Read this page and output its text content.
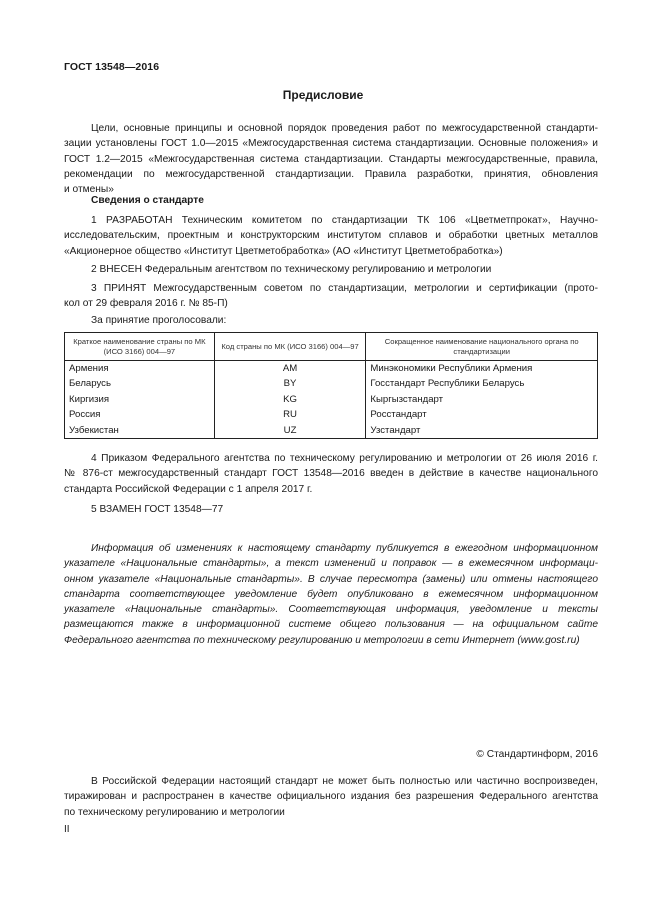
ГОСТ 13548—2016
Предисловие
Цели, основные принципы и основной порядок проведения работ по межгосударственной стандарти-
зации установлены ГОСТ 1.0—2015 «Межгосударственная система стандартизации. Основные положения» и
ГОСТ 1.2—2015 «Межгосударственная система стандартизации. Стандарты межгосударственные, правила,
рекомендации по межгосударственной стандартизации. Правила разработки, принятия, обновления
и отмены»
Сведения о стандарте
1 РАЗРАБОТАН Техническим комитетом по стандартизации ТК 106 «Цветметпрокат», Научно-
исследовательским, проектным и конструкторским институтом сплавов и обработки цветных металлов
«Акционерное общество «Институт Цветметобработка» (АО «Институт Цветметобработка»)
2 ВНЕСЕН Федеральным агентством по техническому регулированию и метрологии
3 ПРИНЯТ Межгосударственным советом по стандартизации, метрологии и сертификации (прото-
кол от 29 февраля 2016 г. № 85-П)
За принятие проголосовали:
Краткое наименование страны по МК (ИСО 3166) 004—97	Код страны по МК (ИСО 3166) 004—97	Сокращенное наименование национального органа по стандартизации
Армения	AM	Минэкономики Республики Армения
Беларусь	BY	Госстандарт Республики Беларусь
Киргизия	KG	Кыргызстандарт
Россия	RU	Росстандарт
Узбекистан	UZ	Узстандарт
4 Приказом Федерального агентства по техническому регулированию и метрологии от 26 июля 2016 г.
№ 876-ст межгосударственный стандарт ГОСТ 13548—2016 введен в действие в качестве национального
стандарта Российской Федерации с 1 апреля 2017 г.
5 ВЗАМЕН ГОСТ 13548—77
Информация об изменениях к настоящему стандарту публикуется в ежегодном информационном
указателе «Национальные стандарты», а текст изменений и поправок — в ежемесячном информаци-
онном указателе «Национальные стандарты». В случае пересмотра (замены) или отмены настоящего
стандарта соответствующее уведомление будет опубликовано в ежемесячном информационном
указателе «Национальные стандарты». Соответствующая информация, уведомление и тексты
размещаются также в информационной системе общего пользования — на официальном сайте
Федерального агентства по техническому регулированию и метрологии в сети Интернет (www.gost.ru)
© Стандартинформ, 2016
В Российской Федерации настоящий стандарт не может быть полностью или частично воспроизведен,
тиражирован и распространен в качестве официального издания без разрешения Федерального агентства
по техническому регулированию и метрологии
II
